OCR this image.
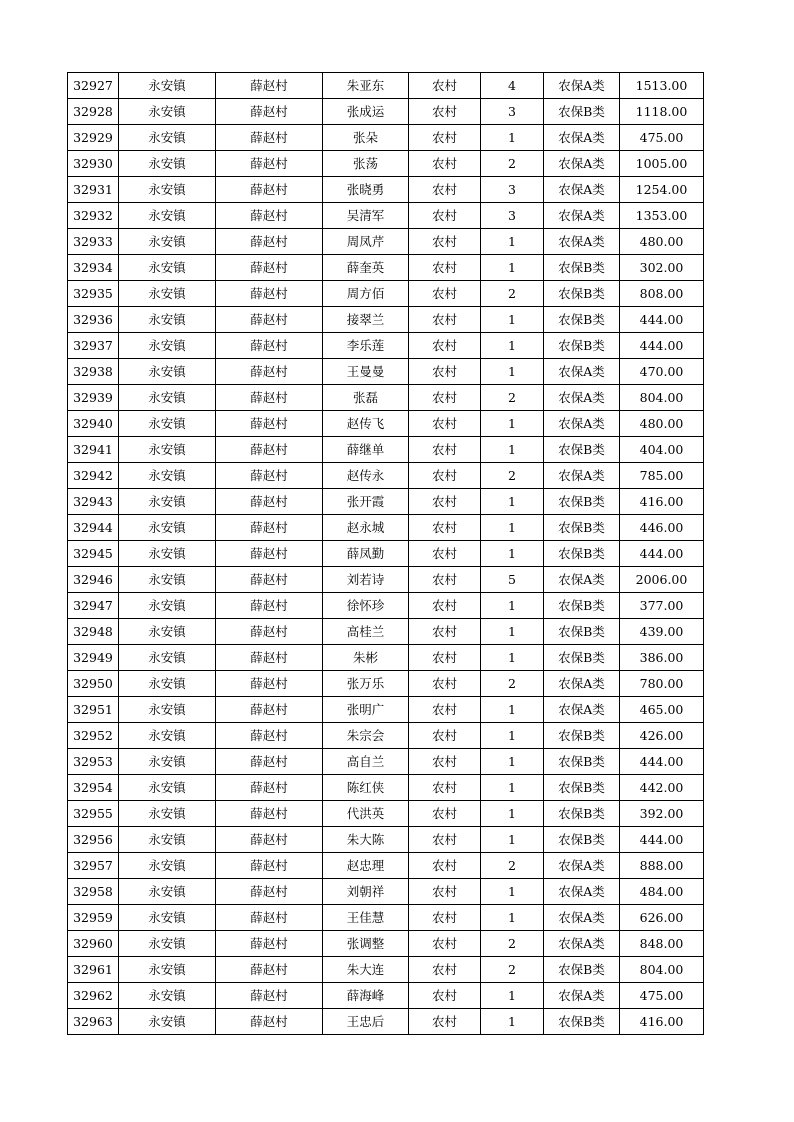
32927	永安镇	薛赵村	朱亚东	农村	4	农保A类	1513.00
32928	永安镇	薛赵村	张成运	农村	3	农保B类	1118.00
32929	永安镇	薛赵村	张朵	农村	1	农保A类	475.00
32930	永安镇	薛赵村	张荡	农村	2	农保A类	1005.00
32931	永安镇	薛赵村	张晓勇	农村	3	农保A类	1254.00
32932	永安镇	薛赵村	吴清军	农村	3	农保A类	1353.00
32933	永安镇	薛赵村	周凤芹	农村	1	农保A类	480.00
32934	永安镇	薛赵村	薛奎英	农村	1	农保B类	302.00
32935	永安镇	薛赵村	周方佰	农村	2	农保B类	808.00
32936	永安镇	薛赵村	接翠兰	农村	1	农保B类	444.00
32937	永安镇	薛赵村	李乐莲	农村	1	农保B类	444.00
32938	永安镇	薛赵村	王曼曼	农村	1	农保A类	470.00
32939	永安镇	薛赵村	张磊	农村	2	农保A类	804.00
32940	永安镇	薛赵村	赵传飞	农村	1	农保A类	480.00
32941	永安镇	薛赵村	薛继单	农村	1	农保B类	404.00
32942	永安镇	薛赵村	赵传永	农村	2	农保A类	785.00
32943	永安镇	薛赵村	张开霞	农村	1	农保B类	416.00
32944	永安镇	薛赵村	赵永城	农村	1	农保B类	446.00
32945	永安镇	薛赵村	薛凤勤	农村	1	农保B类	444.00
32946	永安镇	薛赵村	刘若诗	农村	5	农保A类	2006.00
32947	永安镇	薛赵村	徐怀珍	农村	1	农保B类	377.00
32948	永安镇	薛赵村	高桂兰	农村	1	农保B类	439.00
32949	永安镇	薛赵村	朱彬	农村	1	农保B类	386.00
32950	永安镇	薛赵村	张万乐	农村	2	农保A类	780.00
32951	永安镇	薛赵村	张明广	农村	1	农保A类	465.00
32952	永安镇	薛赵村	朱宗会	农村	1	农保B类	426.00
32953	永安镇	薛赵村	高自兰	农村	1	农保B类	444.00
32954	永安镇	薛赵村	陈红侠	农村	1	农保B类	442.00
32955	永安镇	薛赵村	代洪英	农村	1	农保B类	392.00
32956	永安镇	薛赵村	朱大陈	农村	1	农保B类	444.00
32957	永安镇	薛赵村	赵忠理	农村	2	农保A类	888.00
32958	永安镇	薛赵村	刘朝祥	农村	1	农保A类	484.00
32959	永安镇	薛赵村	王佳慧	农村	1	农保A类	626.00
32960	永安镇	薛赵村	张调整	农村	2	农保A类	848.00
32961	永安镇	薛赵村	朱大连	农村	2	农保B类	804.00
32962	永安镇	薛赵村	薛海峰	农村	1	农保A类	475.00
32963	永安镇	薛赵村	王忠后	农村	1	农保B类	416.00
